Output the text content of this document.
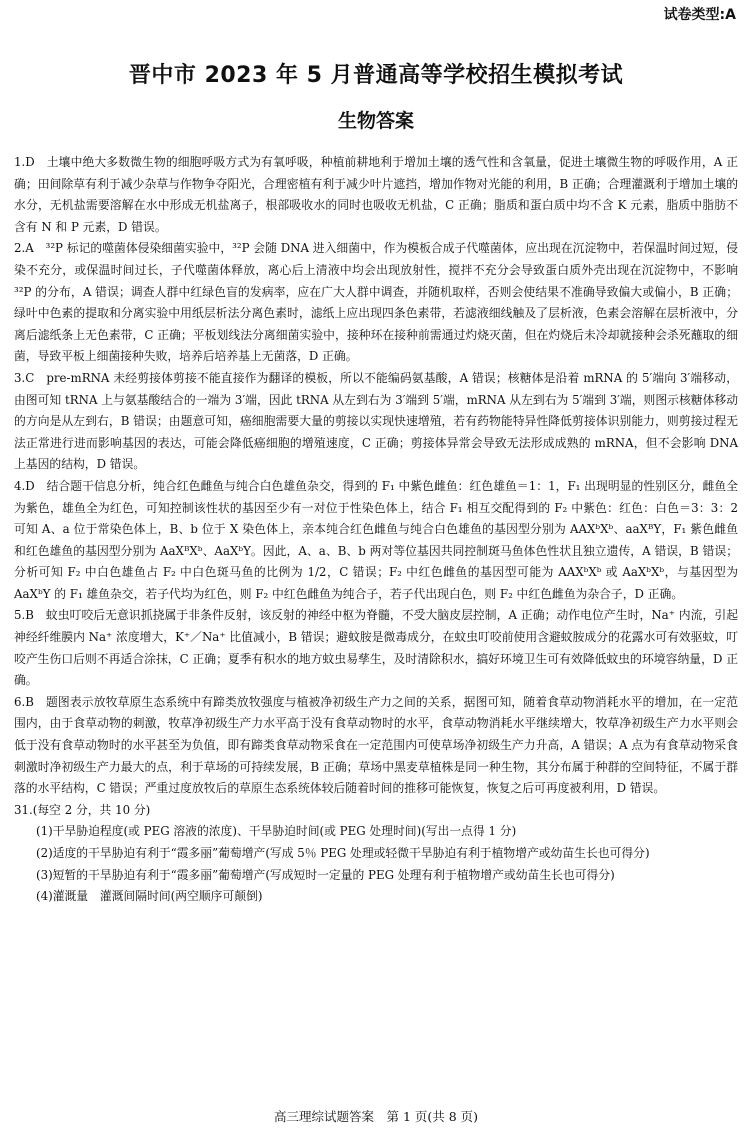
试卷类型:A
晋中市 2023 年 5 月普通高等学校招生模拟考试
生物答案

1.D　土壤中绝大多数微生物的细胞呼吸方式为有氧呼吸，种植前耕地利于增加土壤的透气性和含氧量，促进土壤微生物的呼吸作用，A 正确；田间除草有利于减少杂草与作物争夺阳光，合理密植有利于减少叶片遮挡，增加作物对光能的利用，B 正确；合理灌溉利于增加土壤的水分，无机盐需要溶解在水中形成无机盐离子，根部吸收水的同时也吸收无机盐，C 正确；脂质和蛋白质中均不含 K 元素，脂质中脂肪不含有 N 和 P 元素，D 错误。

2.A　³²P 标记的噬菌体侵染细菌实验中，³²P 会随 DNA 进入细菌中，作为模板合成子代噬菌体，应出现在沉淀物中，若保温时间过短，侵染不充分，或保温时间过长，子代噬菌体释放，离心后上清液中均会出现放射性，搅拌不充分会导致蛋白质外壳出现在沉淀物中，不影响³²P 的分布，A 错误；调查人群中红绿色盲的发病率，应在广大人群中调查，并随机取样，否则会使结果不准确导致偏大或偏小，B 正确；绿叶中色素的提取和分离实验中用纸层析法分离色素时，滤纸上应出现四条色素带，若滤液细线触及了层析液，色素会溶解在层析液中，分离后滤纸条上无色素带，C 正确；平板划线法分离细菌实验中，接种环在接种前需通过灼烧灭菌，但在灼烧后未冷却就接种会杀死蘸取的细菌，导致平板上细菌接种失败，培养后培养基上无菌落，D 正确。

3.C　pre-mRNA 未经剪接体剪接不能直接作为翻译的模板，所以不能编码氨基酸，A 错误；核糖体是沿着 mRNA 的 5′端向 3′端移动，由图可知 tRNA 上与氨基酸结合的一端为 3′端，因此 tRNA 从左到右为 3′端到 5′端，mRNA 从左到右为 5′端到 3′端，则图示核糖体移动的方向是从左到右，B 错误；由题意可知，癌细胞需要大量的剪接以实现快速增殖，若有药物能特异性降低剪接体识别能力，则剪接过程无法正常进行进而影响基因的表达，可能会降低癌细胞的增殖速度，C 正确；剪接体异常会导致无法形成成熟的 mRNA，但不会影响 DNA 上基因的结构，D 错误。

4.D　结合题干信息分析，纯合红色雌鱼与纯合白色雄鱼杂交，得到的 F₁ 中紫色雌鱼：红色雄鱼＝1：1，F₁ 出现明显的性别区分，雌鱼全为紫色，雄鱼全为红色，可知控制该性状的基因至少有一对位于性染色体上，结合 F₁ 相互交配得到的 F₂ 中紫色：红色：白色＝3：3：2 可知 A、a 位于常染色体上，B、b 位于 X 染色体上，亲本纯合红色雌鱼与纯合白色雄鱼的基因型分别为 AAXᵇXᵇ、aaXᴮY，F₁ 紫色雌鱼和红色雄鱼的基因型分别为 AaXᴮXᵇ、AaXᵇY。因此，A、a、B、b 两对等位基因共同控制斑马鱼体色性状且独立遗传，A 错误，B 错误；分析可知 F₂ 中白色雄鱼占 F₂ 中白色斑马鱼的比例为 1/2，C 错误；F₂ 中红色雌鱼的基因型可能为 AAXᵇXᵇ 或 AaXᵇXᵇ，与基因型为 AaXᵇY 的 F₁ 雄鱼杂交，若子代均为红色，则 F₂ 中红色雌鱼为纯合子，若子代出现白色，则 F₂ 中红色雌鱼为杂合子，D 正确。

5.B　蚊虫叮咬后无意识抓挠属于非条件反射，该反射的神经中枢为脊髓，不受大脑皮层控制，A 正确；动作电位产生时，Na⁺ 内流，引起神经纤维膜内 Na⁺ 浓度增大，K⁺／Na⁺ 比值减小，B 错误；避蚊胺是微毒成分，在蚊虫叮咬前使用含避蚊胺成分的花露水可有效驱蚊，叮咬产生伤口后则不再适合涂抹，C 正确；夏季有积水的地方蚊虫易孳生，及时清除积水，搞好环境卫生可有效降低蚊虫的环境容纳量，D 正确。

6.B　题图表示放牧草原生态系统中有蹄类放牧强度与植被净初级生产力之间的关系，据图可知，随着食草动物消耗水平的增加，在一定范围内，由于食草动物的刺激，牧草净初级生产力水平高于没有食草动物时的水平，食草动物消耗水平继续增大，牧草净初级生产力水平则会低于没有食草动物时的水平甚至为负值，即有蹄类食草动物采食在一定范围内可使草场净初级生产力升高，A 错误；A 点为有食草动物采食刺激时净初级生产力最大的点，利于草场的可持续发展，B 正确；草场中黑麦草植株是同一种生物，其分布属于种群的空间特征，不属于群落的水平结构，C 错误；严重过度放牧后的草原生态系统体较后随着时间的推移可能恢复，恢复之后可再度被利用，D 错误。

31.(每空 2 分，共 10 分)

(1)干旱胁迫程度(或 PEG 溶液的浓度)、干旱胁迫时间(或 PEG 处理时间)(写出一点得 1 分)

(2)适度的干旱胁迫有利于“霞多丽”葡萄增产(写成 5％ PEG 处理或轻微干旱胁迫有利于植物增产或幼苗生长也可得分)

(3)短暂的干旱胁迫有利于“霞多丽”葡萄增产(写成短时一定量的 PEG 处理有利于植物增产或幼苗生长也可得分)

(4)灌溉量　灌溉间隔时间(两空顺序可颠倒)

高三理综试题答案　第 1 页(共 8 页)
